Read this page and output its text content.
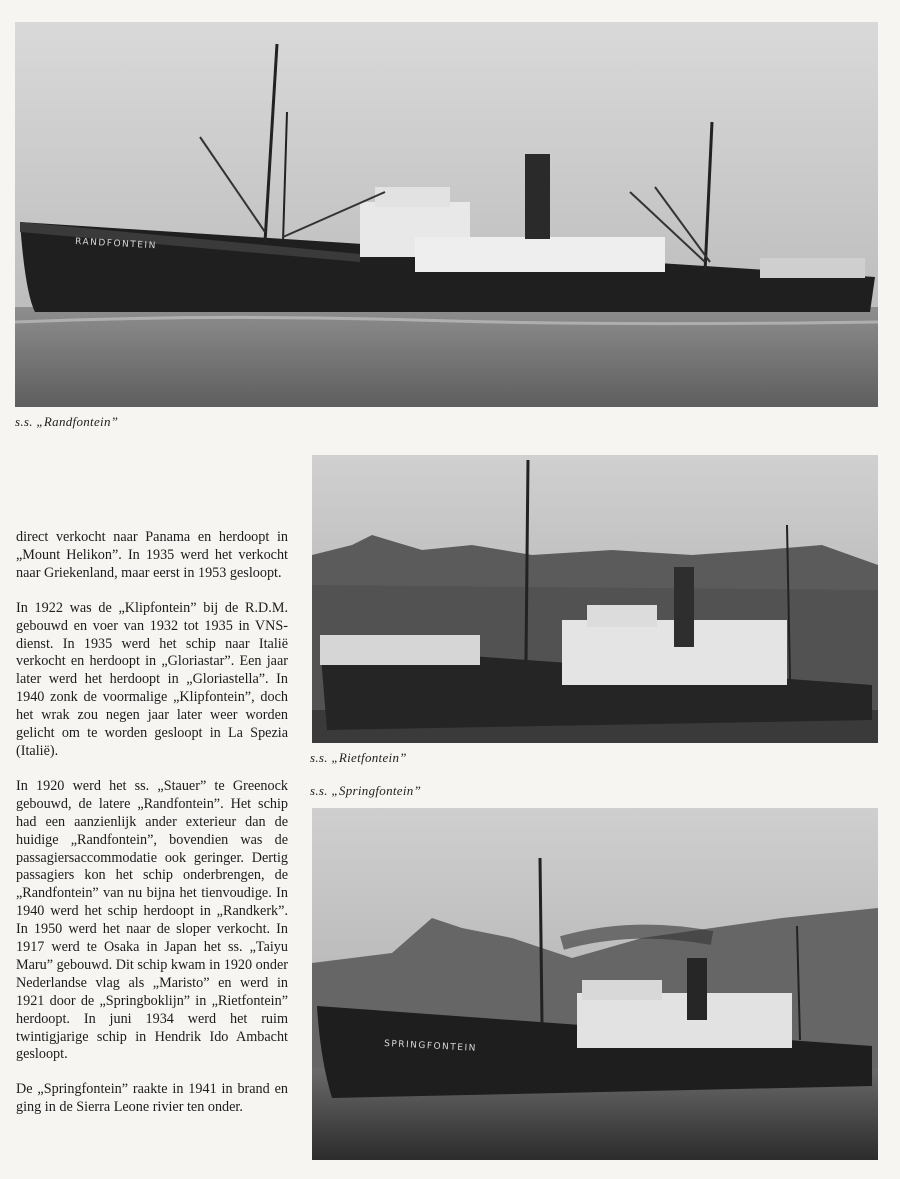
RANDFONTEIN
s.s. „Randfontein”
s.s. „Rietfontein”
s.s. „Springfontein”
SPRINGFONTEIN

direct verkocht naar Panama en herdoopt in „Mount Helikon”. In 1935 werd het verkocht naar Griekenland, maar eerst in 1953 gesloopt.

In 1922 was de „Klipfontein” bij de R.D.M. gebouwd en voer van 1932 tot 1935 in VNS-dienst. In 1935 werd het schip naar Italië verkocht en herdoopt in „Gloriastar”. Een jaar later werd het herdoopt in „Gloriastella”. In 1940 zonk de voormalige „Klipfontein”, doch het wrak zou negen jaar later weer worden gelicht om te worden gesloopt in La Spezia (Italië).

In 1920 werd het ss. „Stauer” te Greenock gebouwd, de latere „Randfontein”. Het schip had een aanzienlijk ander exterieur dan de huidige „Randfontein”, bovendien was de passagiersaccommodatie ook geringer. Dertig passagiers kon het schip onderbrengen, de „Randfontein” van nu bijna het tienvoudige. In 1940 werd het schip herdoopt in „Randkerk”. In 1950 werd het naar de sloper verkocht. In 1917 werd te Osaka in Japan het ss. „Taiyu Maru” gebouwd. Dit schip kwam in 1920 onder Nederlandse vlag als „Maristo” en werd in 1921 door de „Springboklijn” in „Rietfontein” herdoopt. In juni 1934 werd het ruim twintigjarige schip in Hendrik Ido Ambacht gesloopt.

De „Springfontein” raakte in 1941 in brand en ging in de Sierra Leone rivier ten onder.
